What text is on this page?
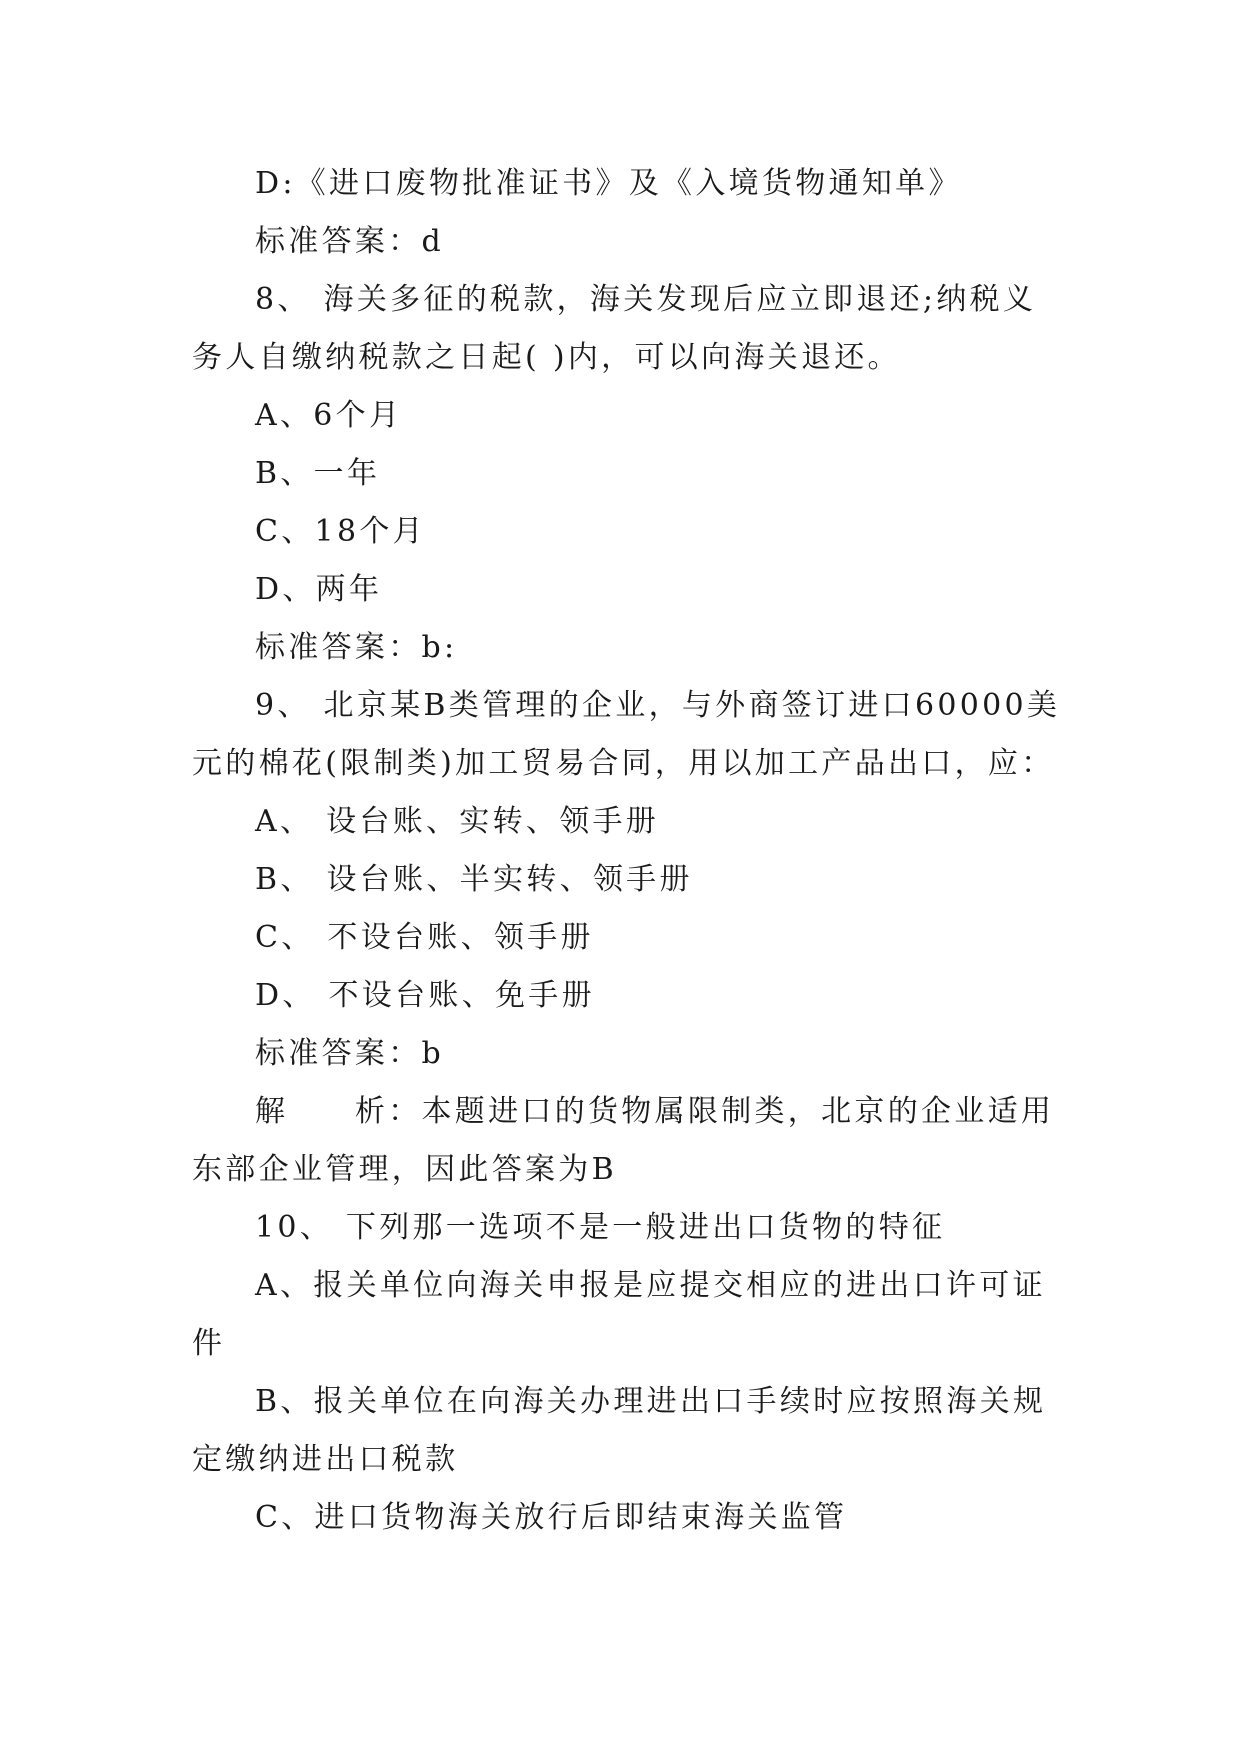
D:《进口废物批准证书》及《入境货物通知单》
标准答案：d
8、 海关多征的税款，海关发现后应立即退还;纳税义
务人自缴纳税款之日起( )内，可以向海关退还。
A、6个月
B、一年
C、18个月
D、两年
标准答案：b:
9、 北京某B类管理的企业，与外商签订进口60000美
元的棉花(限制类)加工贸易合同，用以加工产品出口，应：
A、 设台账、实转、领手册
B、 设台账、半实转、领手册
C、 不设台账、领手册
D、 不设台账、免手册
标准答案：b
解　　析：本题进口的货物属限制类，北京的企业适用
东部企业管理，因此答案为B
10、 下列那一选项不是一般进出口货物的特征
A、报关单位向海关申报是应提交相应的进出口许可证
件
B、报关单位在向海关办理进出口手续时应按照海关规
定缴纳进出口税款
C、进口货物海关放行后即结束海关监管
